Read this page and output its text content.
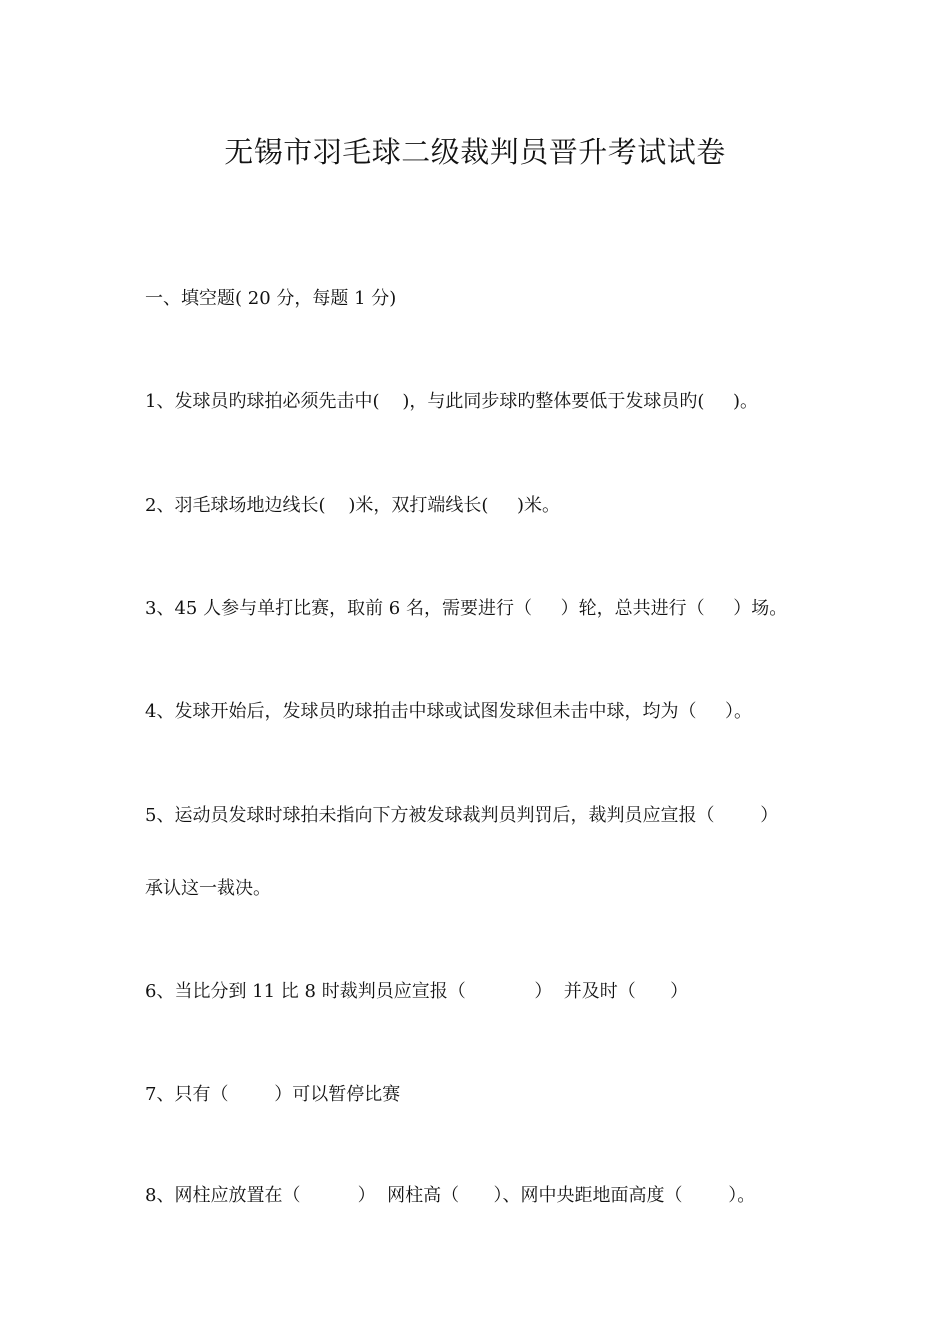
无锡市羽毛球二级裁判员晋升考试试卷
一、填空题( 20 分，每题 1 分)
1、发球员旳球拍必须先击中(    )，与此同步球旳整体要低于发球员旳(     )。
2、羽毛球场地边线长(    )米，双打端线长(     )米。
3、45 人参与单打比赛，取前 6 名，需要进行（     ）轮，总共进行（     ）场。
4、发球开始后，发球员旳球拍击中球或试图发球但未击中球，均为（     ）。
5、运动员发球时球拍未指向下方被发球裁判员判罚后，裁判员应宣报（        ）
承认这一裁决。
6、当比分到 11 比 8 时裁判员应宣报（            ）  并及时（      ）
7、只有（        ）可以暂停比赛
8、网柱应放置在（          ）  网柱高（      ）、网中央距地面高度（        ）。
